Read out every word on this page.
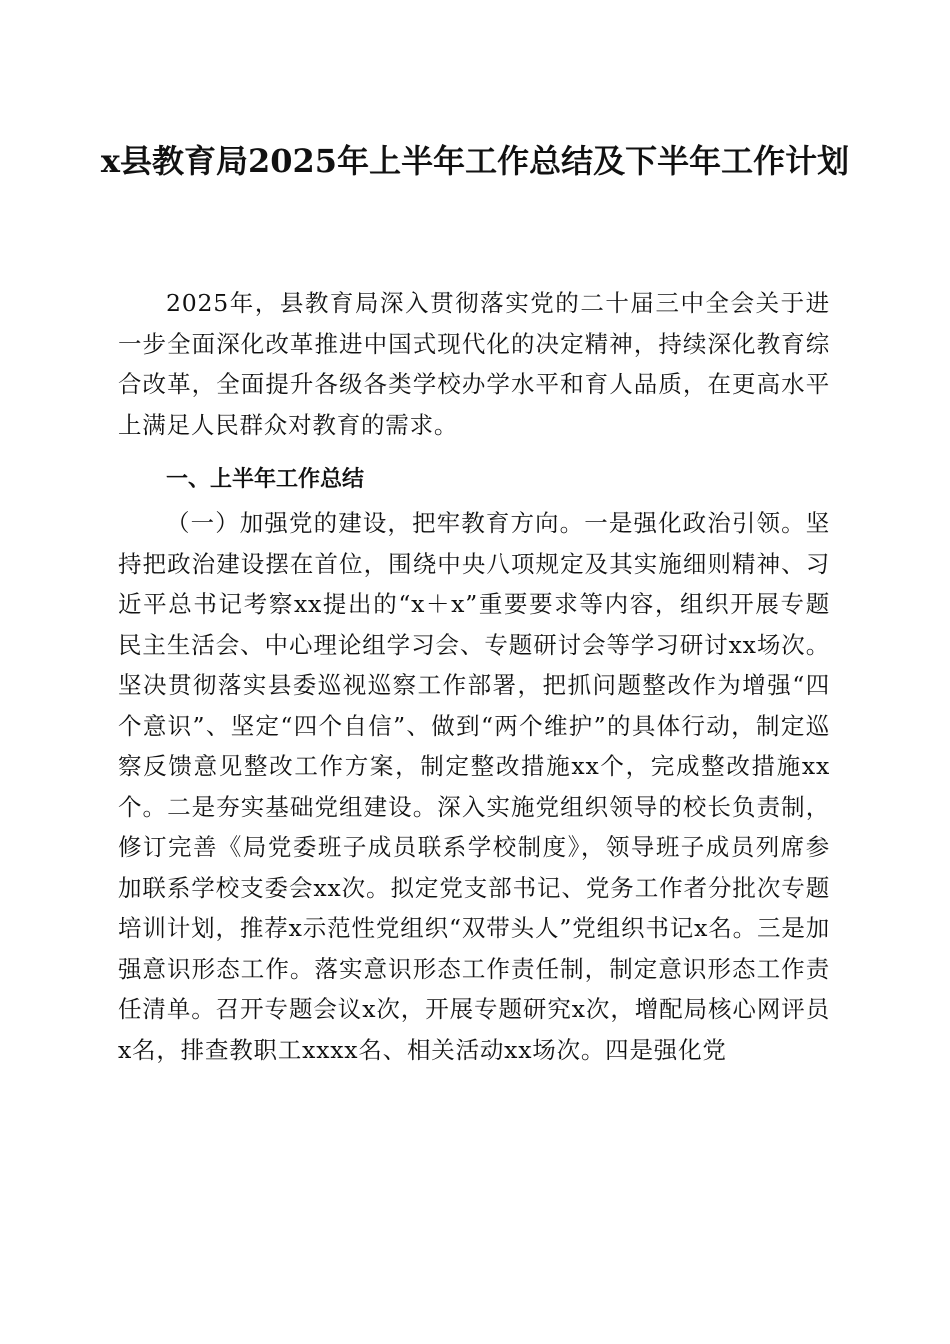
x县教育局2025年上半年工作总结及下半年工作计划

2025年，县教育局深入贯彻落实党的二十届三中全会关于进一步全面深化改革推进中国式现代化的决定精神，持续深化教育综合改革，全面提升各级各类学校办学水平和育人品质，在更高水平上满足人民群众对教育的需求。

一、上半年工作总结

（一）加强党的建设，把牢教育方向。一是强化政治引领。坚持把政治建设摆在首位，围绕中央八项规定及其实施细则精神、习近平总书记考察xx提出的“x＋x”重要要求等内容，组织开展专题民主生活会、中心理论组学习会、专题研讨会等学习研讨xx场次。坚决贯彻落实县委巡视巡察工作部署，把抓问题整改作为增强“四个意识”、坚定“四个自信”、做到“两个维护”的具体行动，制定巡察反馈意见整改工作方案，制定整改措施xx个，完成整改措施xx个。二是夯实基础党组建设。深入实施党组织领导的校长负责制，修订完善《局党委班子成员联系学校制度》，领导班子成员列席参加联系学校支委会xx次。拟定党支部书记、党务工作者分批次专题培训计划，推荐x示范性党组织“双带头人”党组织书记x名。三是加强意识形态工作。落实意识形态工作责任制，制定意识形态工作责任清单。召开专题会议x次，开展专题研究x次，增配局核心网评员x名，排查教职工xxxx名、相关活动xx场次。四是强化党
